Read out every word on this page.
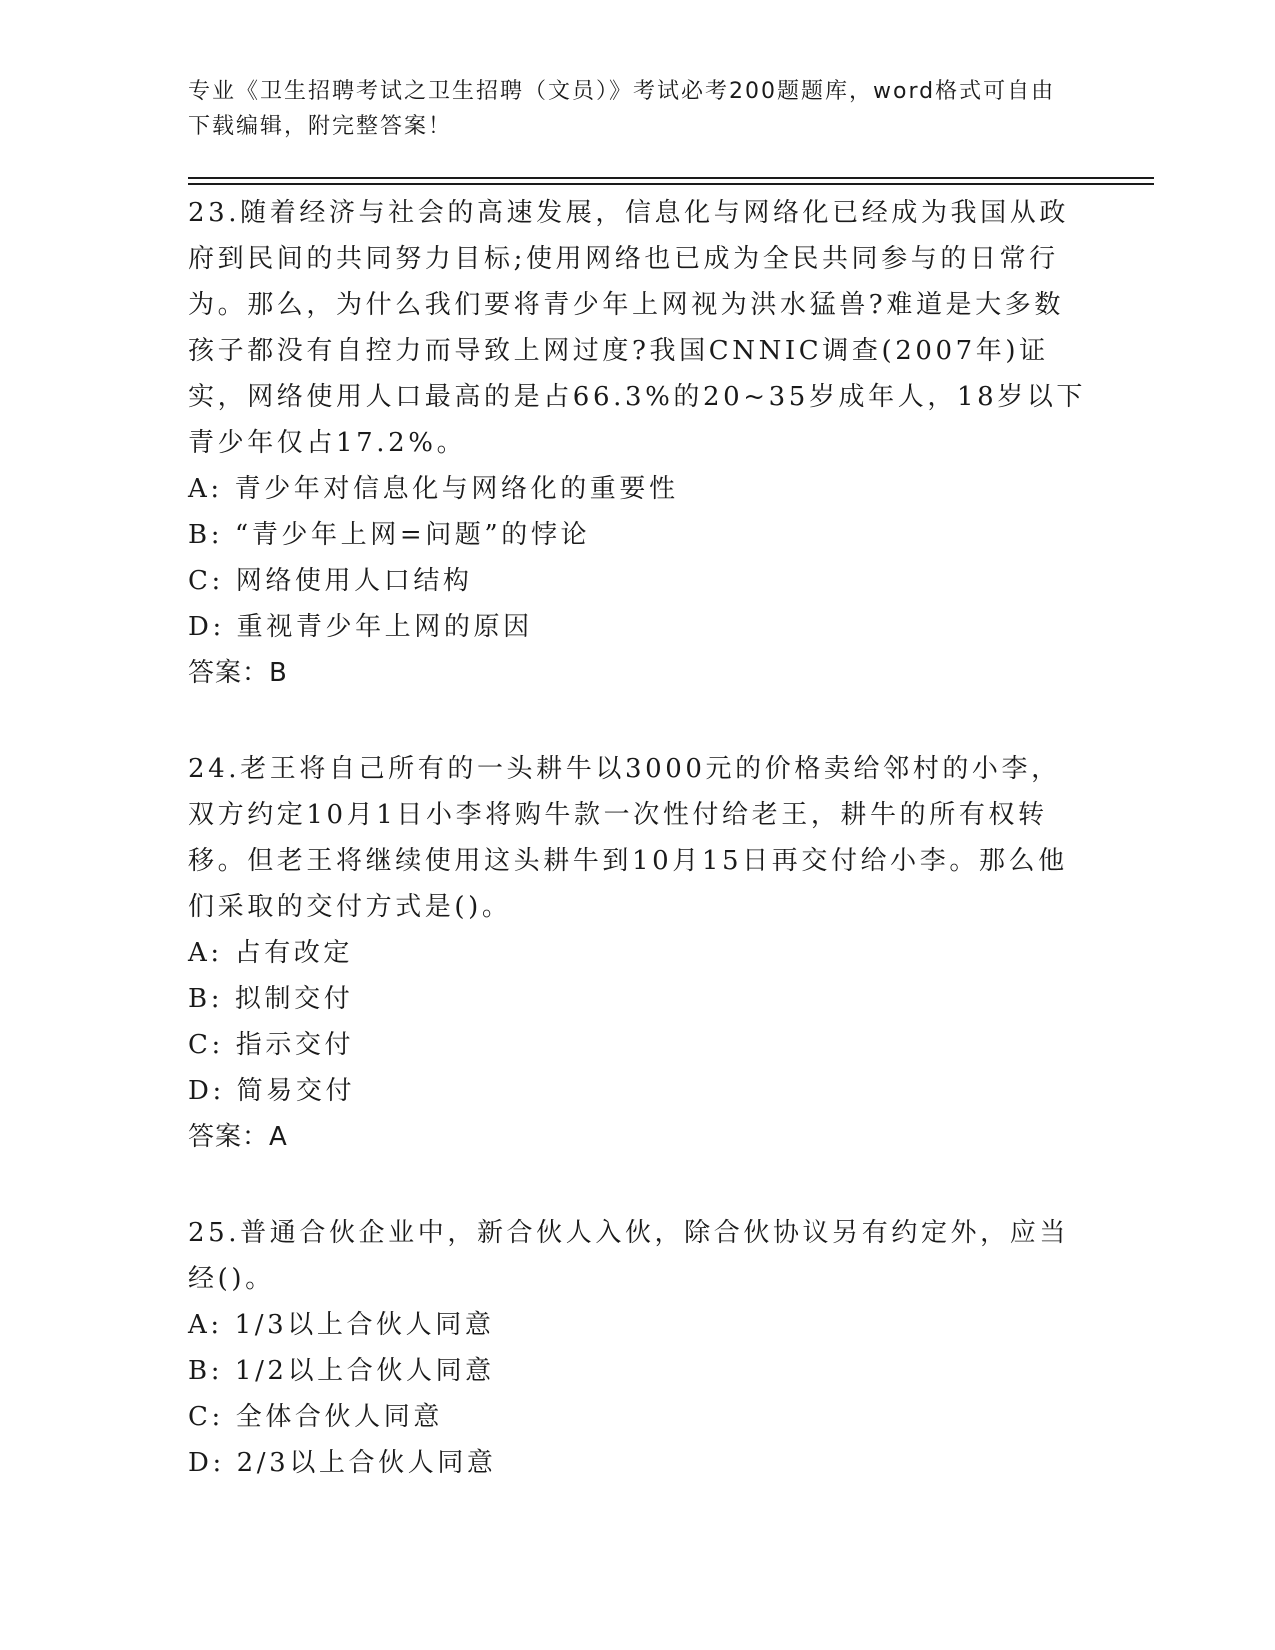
专业《卫生招聘考试之卫生招聘（文员）》考试必考200题题库，word格式可自由下载编辑，附完整答案！

23.随着经济与社会的高速发展，信息化与网络化已经成为我国从政府到民间的共同努力目标;使用网络也已成为全民共同参与的日常行为。那么，为什么我们要将青少年上网视为洪水猛兽?难道是大多数孩子都没有自控力而导致上网过度?我国CNNIC调查(2007年)证实，网络使用人口最高的是占66.3%的20~35岁成年人，18岁以下青少年仅占17.2%。

A: 青少年对信息化与网络化的重要性

B: “青少年上网=问题”的悖论

C: 网络使用人口结构

D: 重视青少年上网的原因

答案：B

24.老王将自己所有的一头耕牛以3000元的价格卖给邻村的小李，双方约定10月1日小李将购牛款一次性付给老王，耕牛的所有权转移。但老王将继续使用这头耕牛到10月15日再交付给小李。那么他们采取的交付方式是()。

A: 占有改定

B: 拟制交付

C: 指示交付

D: 简易交付

答案：A

25.普通合伙企业中，新合伙人入伙，除合伙协议另有约定外，应当经()。

A: 1/3以上合伙人同意

B: 1/2以上合伙人同意

C: 全体合伙人同意

D: 2/3以上合伙人同意
